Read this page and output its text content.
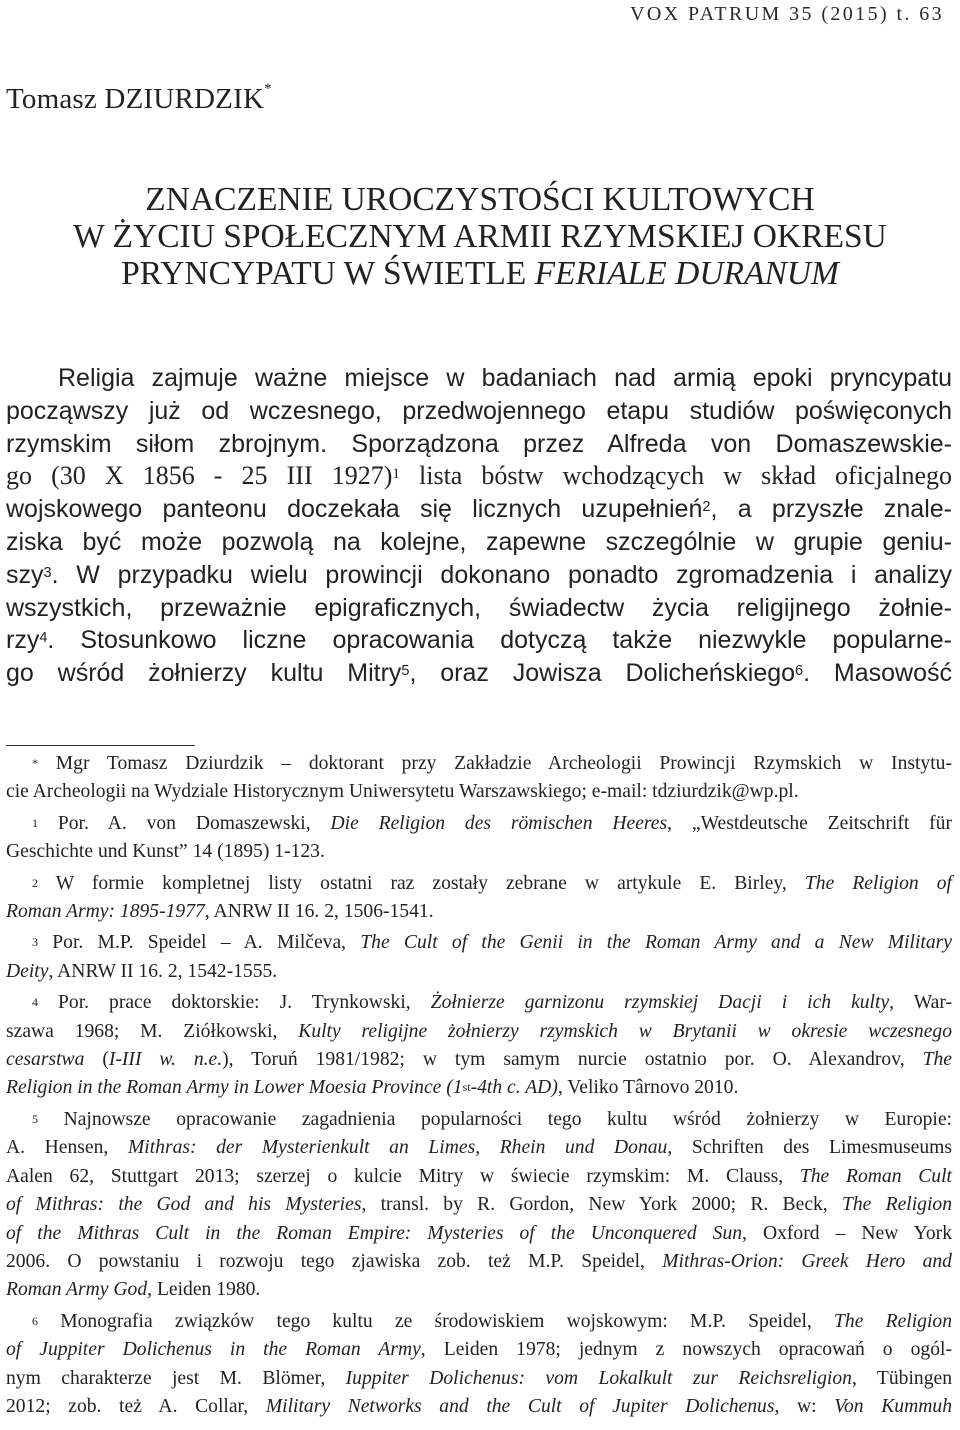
VOX PATRUM 35 (2015) t. 63
Tomasz DZIURDZIK*
ZNACZENIE UROCZYSTOŚCI KULTOWYCH
W ŻYCIU SPOŁECZNYM ARMII RZYMSKIEJ OKRESU
PRYNCYPATU W ŚWIETLE FERIALE DURANUM
Religia zajmuje ważne miejsce w badaniach nad armią epoki pryncypatu
począwszy już od wczesnego, przedwojennego etapu studiów poświęconych
rzymskim siłom zbrojnym. Sporządzona przez Alfreda von Domaszewskie-
go (30 X 1856 - 25 III 1927)$^1$ lista bóstw wchodzących w skład oficjalnego
wojskowego panteonu doczekała się licznych uzupełnień$^2$, a przyszłe znale-
ziska być może pozwolą na kolejne, zapewne szczególnie w grupie geniu-
szy$^3$. W przypadku wielu prowincji dokonano ponadto zgromadzenia i analizy
wszystkich, przeważnie epigraficznych, świadectw życia religijnego żołnie-
rzy$^4$. Stosunkowo liczne opracowania dotyczą także niezwykle popularne-
go wśród żołnierzy kultu Mitry$^5$, oraz Jowisza Dolicheńskiego$^6$. Masowość
* Mgr Tomasz Dziurdzik – doktorant przy Zakładzie Archeologii Prowincji Rzymskich w Instytu-
cie Archeologii na Wydziale Historycznym Uniwersytetu Warszawskiego; e-mail: tdziurdzik@wp.pl.
$^1$ Por. A. von Domaszewski, Die Religion des römischen Heeres, „Westdeutsche Zeitschrift für
Geschichte und Kunst” 14 (1895) 1-123.
$^2$ W formie kompletnej listy ostatni raz zostały zebrane w artykule E. Birley, The Religion of
Roman Army: 1895-1977, ANRW II 16. 2, 1506-1541.
$^3$ Por. M.P. Speidel – A. Milčeva, The Cult of the Genii in the Roman Army and a New Military
Deity, ANRW II 16. 2, 1542-1555.
$^4$ Por. prace doktorskie: J. Trynkowski, Żołnierze garnizonu rzymskiej Dacji i ich kulty, War-
szawa 1968; M. Ziółkowski, Kulty religijne żołnierzy rzymskich w Brytanii w okresie wczesnego
cesarstwa (I-III w. n.e.), Toruń 1981/1982; w tym samym nurcie ostatnio por. O. Alexandrov, The
Religion in the Roman Army in Lower Moesia Province (1st-4th c. AD), Veliko Târnovo 2010.
$^5$ Najnowsze opracowanie zagadnienia popularności tego kultu wśród żołnierzy w Europie:
A. Hensen, Mithras: der Mysterienkult an Limes, Rhein und Donau, Schriften des Limesmuseums
Aalen 62, Stuttgart 2013; szerzej o kulcie Mitry w świecie rzymskim: M. Clauss, The Roman Cult
of Mithras: the God and his Mysteries, transl. by R. Gordon, New York 2000; R. Beck, The Religion
of the Mithras Cult in the Roman Empire: Mysteries of the Unconquered Sun, Oxford – New York
2006. O powstaniu i rozwoju tego zjawiska zob. też M.P. Speidel, Mithras-Orion: Greek Hero and
Roman Army God, Leiden 1980.
$^6$ Monografia związków tego kultu ze środowiskiem wojskowym: M.P. Speidel, The Religion
of Juppiter Dolichenus in the Roman Army, Leiden 1978; jednym z nowszych opracowań o ogól-
nym charakterze jest M. Blömer, Iuppiter Dolichenus: vom Lokalkult zur Reichsreligion, Tübingen
2012; zob. też A. Collar, Military Networks and the Cult of Jupiter Dolichenus, w: Von Kummuh
